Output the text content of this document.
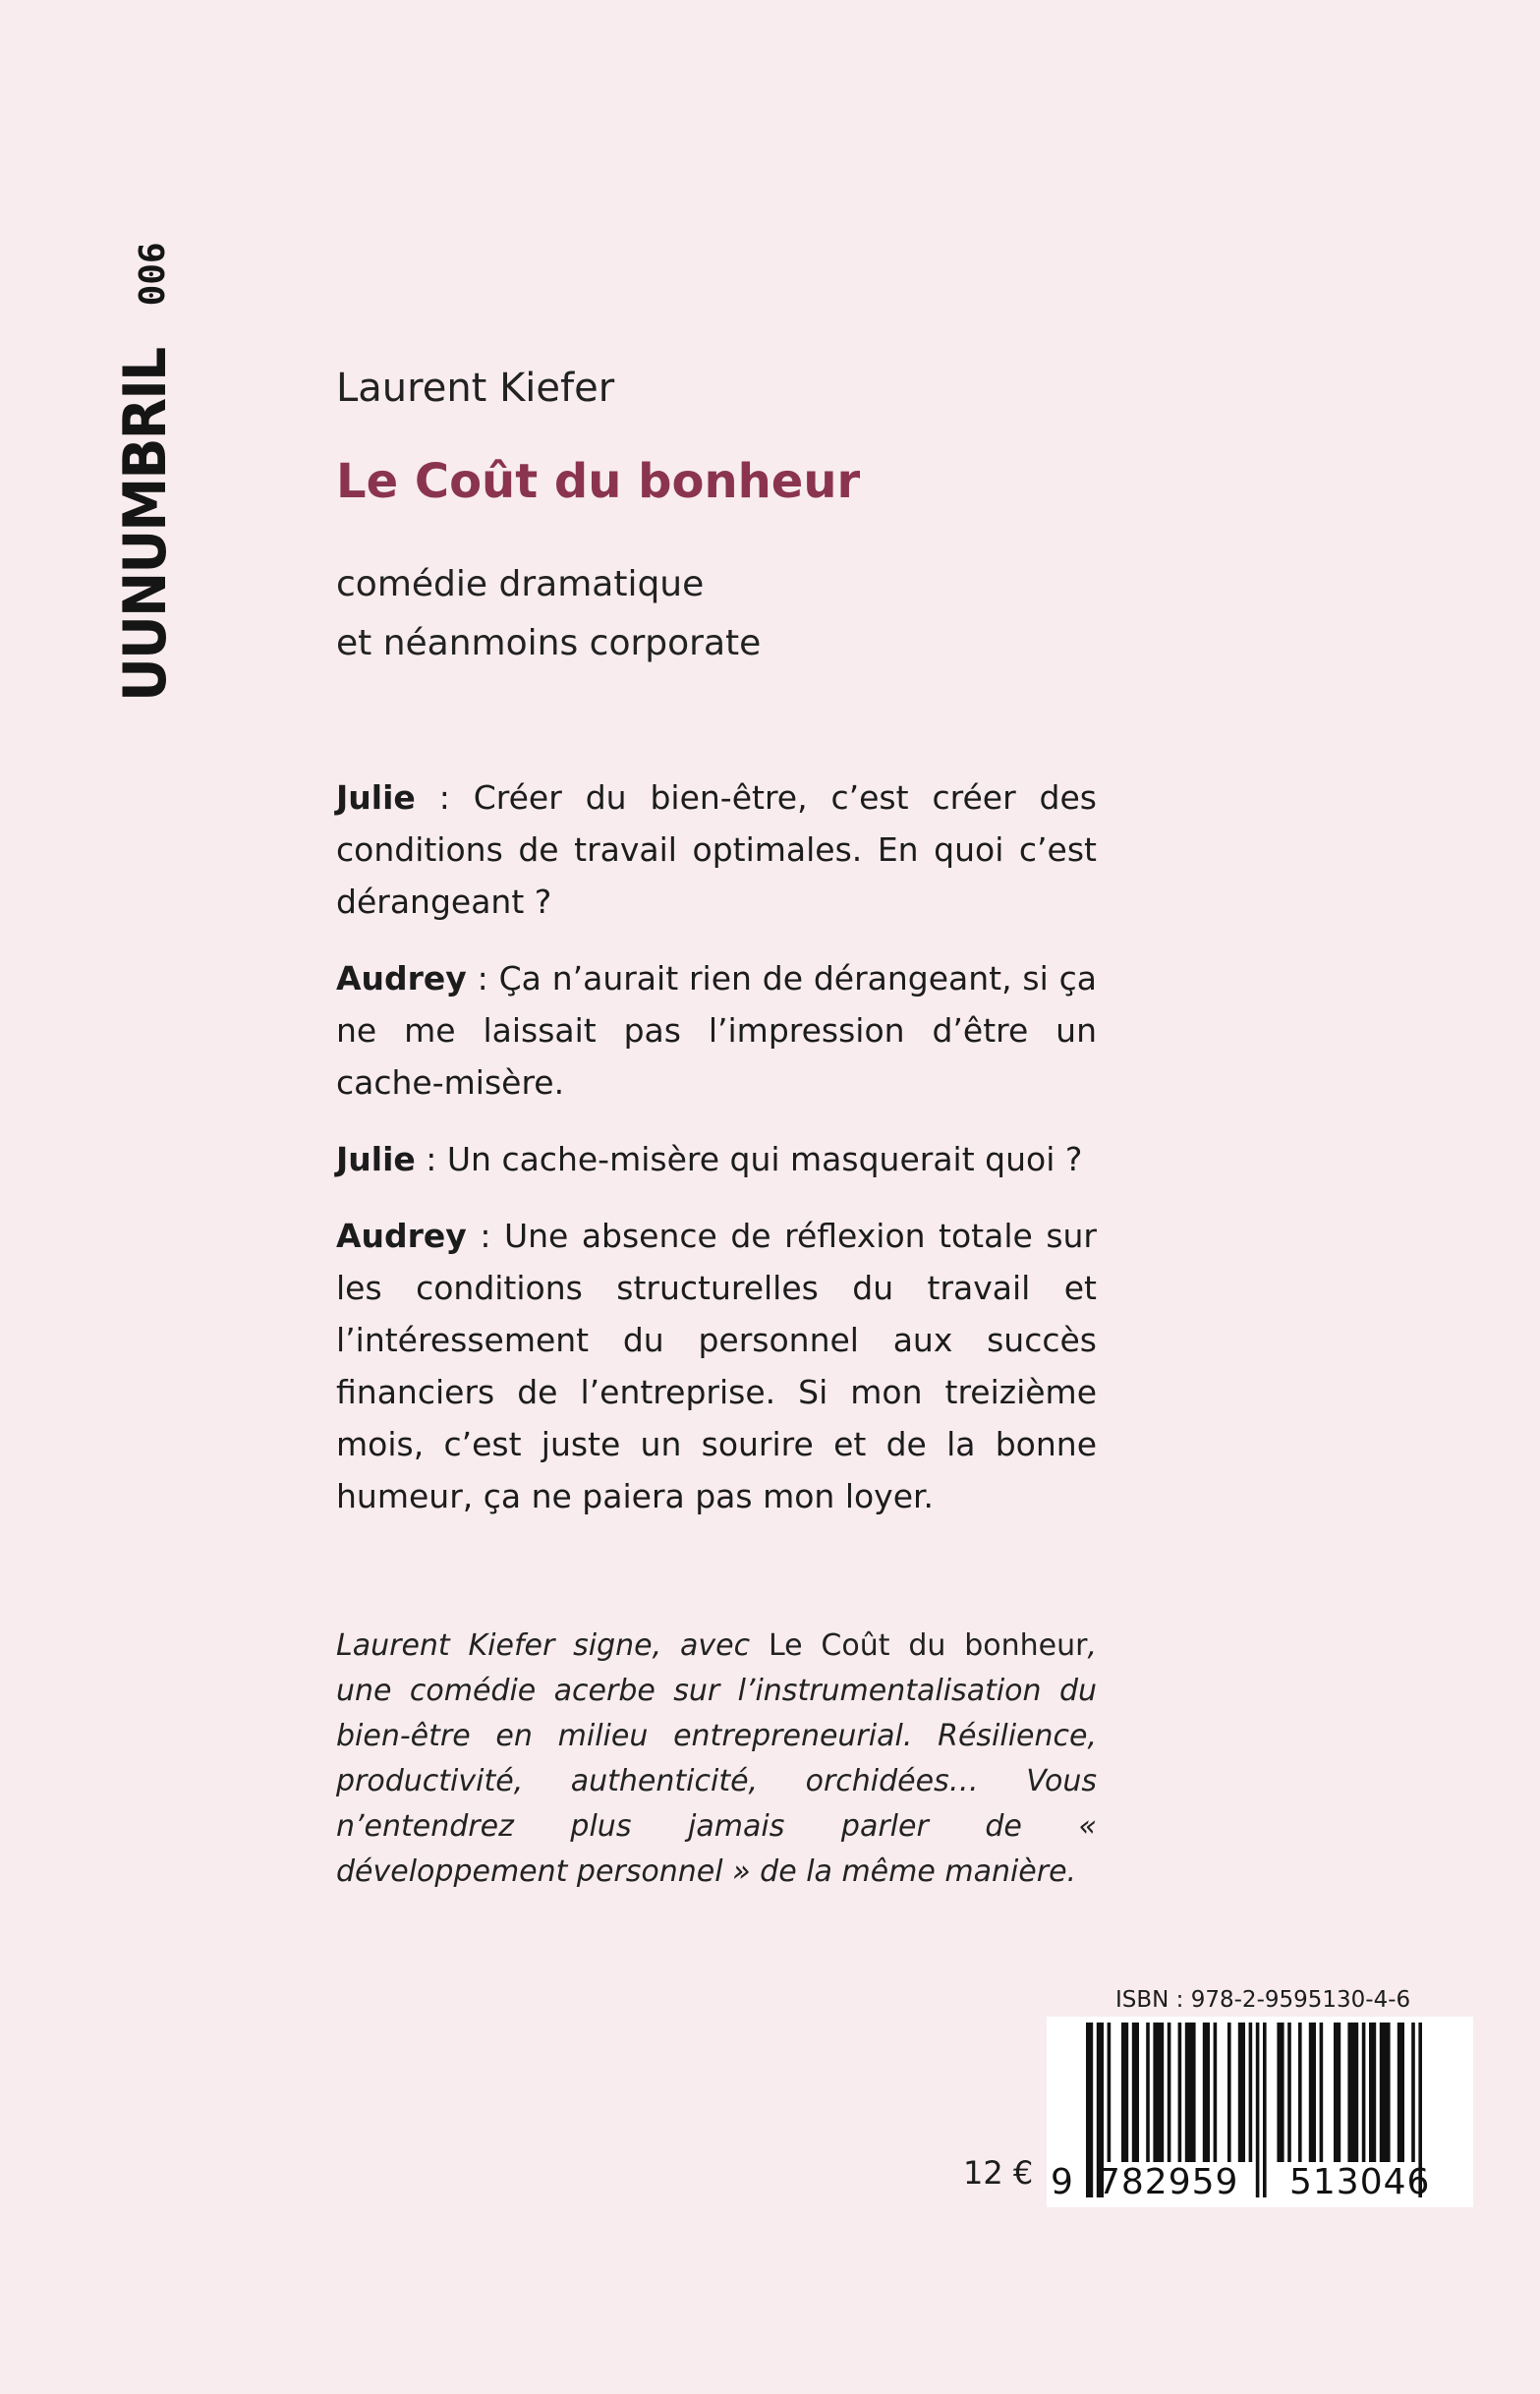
UUNUMBRIL
006
Laurent Kiefer
Le Coût du bonheur
comédie dramatique
et néanmoins corporate

Julie : Créer du bien-être, c’est créer des conditions de travail optimales. En quoi c’est dérangeant ?

Audrey : Ça n’aurait rien de dérangeant, si ça ne me laissait pas l’impression d’être un cache-misère.

Julie : Un cache-misère qui masquerait quoi ?

Audrey : Une absence de réflexion totale sur les conditions structurelles du travail et l’intéressement du personnel aux succès financiers de l’entreprise. Si mon treizième mois, c’est juste un sourire et de la bonne humeur, ça ne paiera pas mon loyer.

Laurent Kiefer signe, avec Le Coût du bonheur, une comédie acerbe sur l’instrumentalisation du bien-être en milieu entrepreneurial. Résilience, productivité, authenticité, orchidées… Vous n’entendrez plus jamais parler de « développement personnel » de la même manière.
ISBN : 978-2-9595130-4-6
12 € 9 782959 513046
